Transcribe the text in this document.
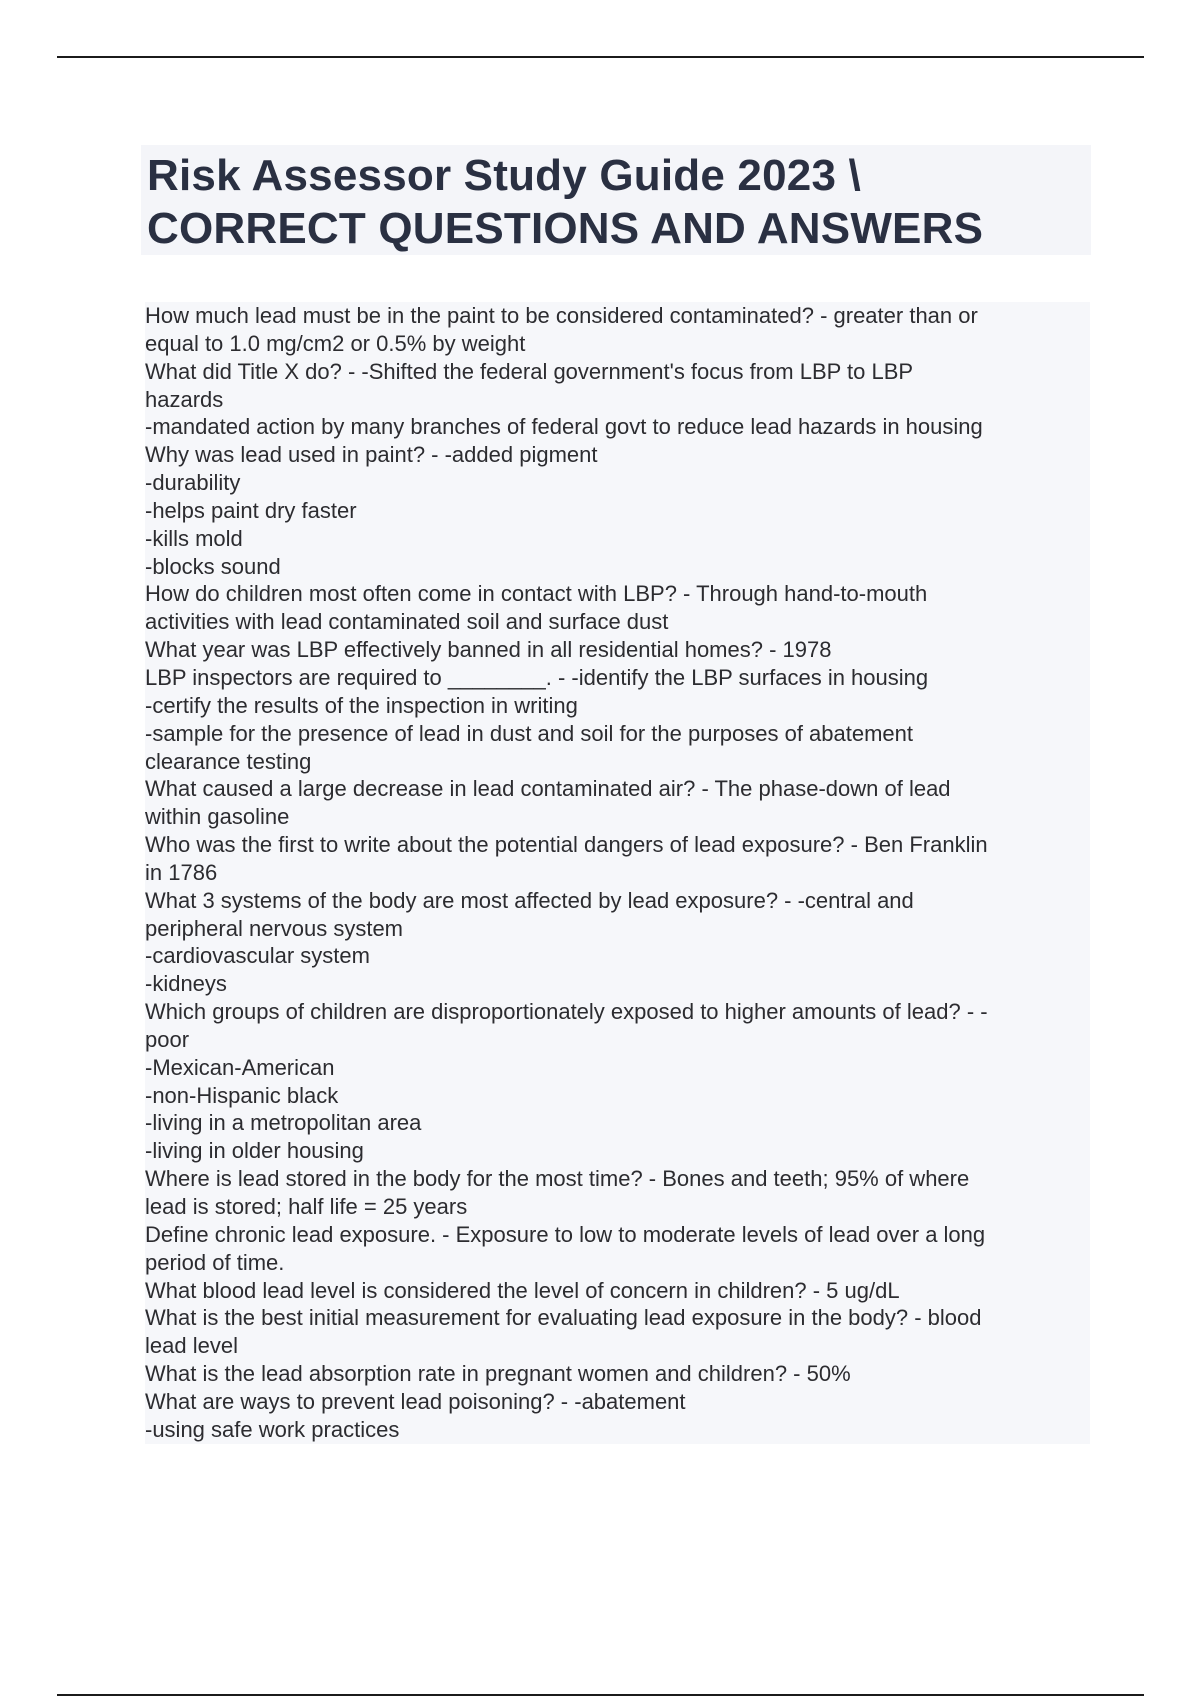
Risk Assessor Study Guide 2023 \
CORRECT QUESTIONS AND ANSWERS
How much lead must be in the paint to be considered contaminated? - greater than or
equal to 1.0 mg/cm2 or 0.5% by weight
What did Title X do? - -Shifted the federal government's focus from LBP to LBP
hazards
-mandated action by many branches of federal govt to reduce lead hazards in housing
Why was lead used in paint? - -added pigment
-durability
-helps paint dry faster
-kills mold
-blocks sound
How do children most often come in contact with LBP? - Through hand-to-mouth
activities with lead contaminated soil and surface dust
What year was LBP effectively banned in all residential homes? - 1978
LBP inspectors are required to ________. - -identify the LBP surfaces in housing
-certify the results of the inspection in writing
-sample for the presence of lead in dust and soil for the purposes of abatement
clearance testing
What caused a large decrease in lead contaminated air? - The phase-down of lead
within gasoline
Who was the first to write about the potential dangers of lead exposure? - Ben Franklin
in 1786
What 3 systems of the body are most affected by lead exposure? - -central and
peripheral nervous system
-cardiovascular system
-kidneys
Which groups of children are disproportionately exposed to higher amounts of lead? - -
poor
-Mexican-American
-non-Hispanic black
-living in a metropolitan area
-living in older housing
Where is lead stored in the body for the most time? - Bones and teeth; 95% of where
lead is stored; half life = 25 years
Define chronic lead exposure. - Exposure to low to moderate levels of lead over a long
period of time.
What blood lead level is considered the level of concern in children? - 5 ug/dL
What is the best initial measurement for evaluating lead exposure in the body? - blood
lead level
What is the lead absorption rate in pregnant women and children? - 50%
What are ways to prevent lead poisoning? - -abatement
-using safe work practices
